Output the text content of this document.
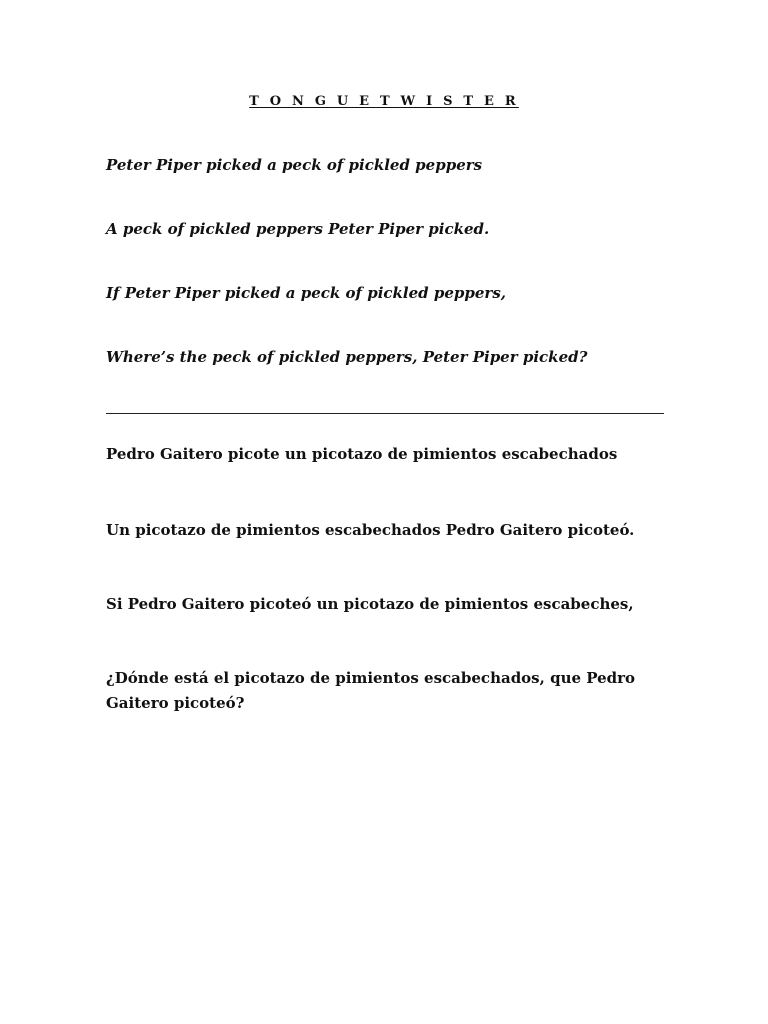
T O N G U E T W I S T E R
Peter Piper picked a peck of pickled peppers
A peck of pickled peppers Peter Piper picked.
If Peter Piper picked a peck of pickled peppers,
Where’s the peck of pickled peppers, Peter Piper picked?
Pedro Gaitero picote un picotazo de pimientos escabechados
Un picotazo de pimientos escabechados Pedro Gaitero picoteó.
Si Pedro Gaitero picoteó un picotazo de pimientos escabeches,
¿Dónde está el picotazo de pimientos escabechados, que Pedro Gaitero picoteó?
